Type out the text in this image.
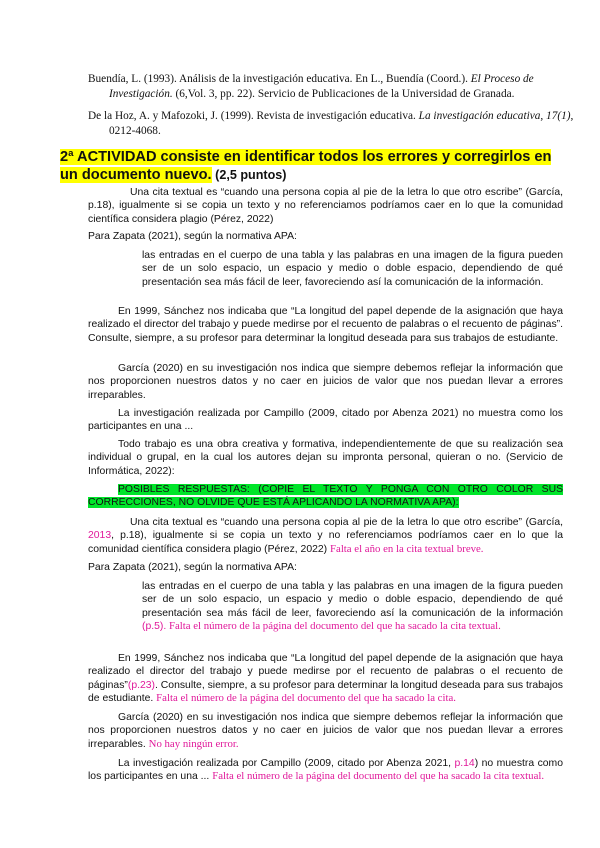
Buendía, L. (1993). Análisis de la investigación educativa. En L., Buendía (Coord.). El Proceso de Investigación. (6,Vol. 3, pp. 22). Servicio de Publicaciones de la Universidad de Granada.
De la Hoz, A. y Mafozoki, J. (1999). Revista de investigación educativa. La investigación educativa, 17(1), 0212-4068.
2ª ACTIVIDAD consiste en identificar todos los errores y corregirlos en un documento nuevo. (2,5 puntos)
Una cita textual es “cuando una persona copia al pie de la letra lo que otro escribe” (García, p.18), igualmente si se copia un texto y no referenciamos podríamos caer en lo que la comunidad científica considera plagio (Pérez, 2022)
Para Zapata (2021), según la normativa APA:
las entradas en el cuerpo de una tabla y las palabras en una imagen de la figura pueden ser de un solo espacio, un espacio y medio o doble espacio, dependiendo de qué presentación sea más fácil de leer, favoreciendo así la comunicación de la información.
En 1999, Sánchez nos indicaba que “La longitud del papel depende de la asignación que haya realizado el director del trabajo y puede medirse por el recuento de palabras o el recuento de páginas”. Consulte, siempre, a su profesor para determinar la longitud deseada para sus trabajos de estudiante.
García (2020) en su investigación nos indica que siempre debemos reflejar la información que nos proporcionen nuestros datos y no caer en juicios de valor que nos puedan llevar a errores irreparables.
La investigación realizada por Campillo (2009, citado por Abenza 2021) no muestra como los participantes en una ...
Todo trabajo es una obra creativa y formativa, independientemente de que su realización sea individual o grupal, en la cual los autores dejan su impronta personal, quieran o no. (Servicio de Informática, 2022):
POSIBLES RESPUESTAS: (COPIE EL TEXTO Y PONGA CON OTRO COLOR SUS CORRECCIONES, NO OLVIDE QUE ESTÁ APLICANDO LA NORMATIVA APA):
Una cita textual es “cuando una persona copia al pie de la letra lo que otro escribe” (García, 2013, p.18), igualmente si se copia un texto y no referenciamos podríamos caer en lo que la comunidad científica considera plagio (Pérez, 2022) Falta el año en la cita textual breve.
Para Zapata (2021), según la normativa APA:
las entradas en el cuerpo de una tabla y las palabras en una imagen de la figura pueden ser de un solo espacio, un espacio y medio o doble espacio, dependiendo de qué presentación sea más fácil de leer, favoreciendo así la comunicación de la información (p.5). Falta el número de la página del documento del que ha sacado la cita textual.
En 1999, Sánchez nos indicaba que “La longitud del papel depende de la asignación que haya realizado el director del trabajo y puede medirse por el recuento de palabras o el recuento de páginas”(p.23). Consulte, siempre, a su profesor para determinar la longitud deseada para sus trabajos de estudiante. Falta el número de la página del documento del que ha sacado la cita.
García (2020) en su investigación nos indica que siempre debemos reflejar la información que nos proporcionen nuestros datos y no caer en juicios de valor que nos puedan llevar a errores irreparables. No hay ningún error.
La investigación realizada por Campillo (2009, citado por Abenza 2021, p.14) no muestra como los participantes en una ... Falta el número de la página del documento del que ha sacado la cita textual.
